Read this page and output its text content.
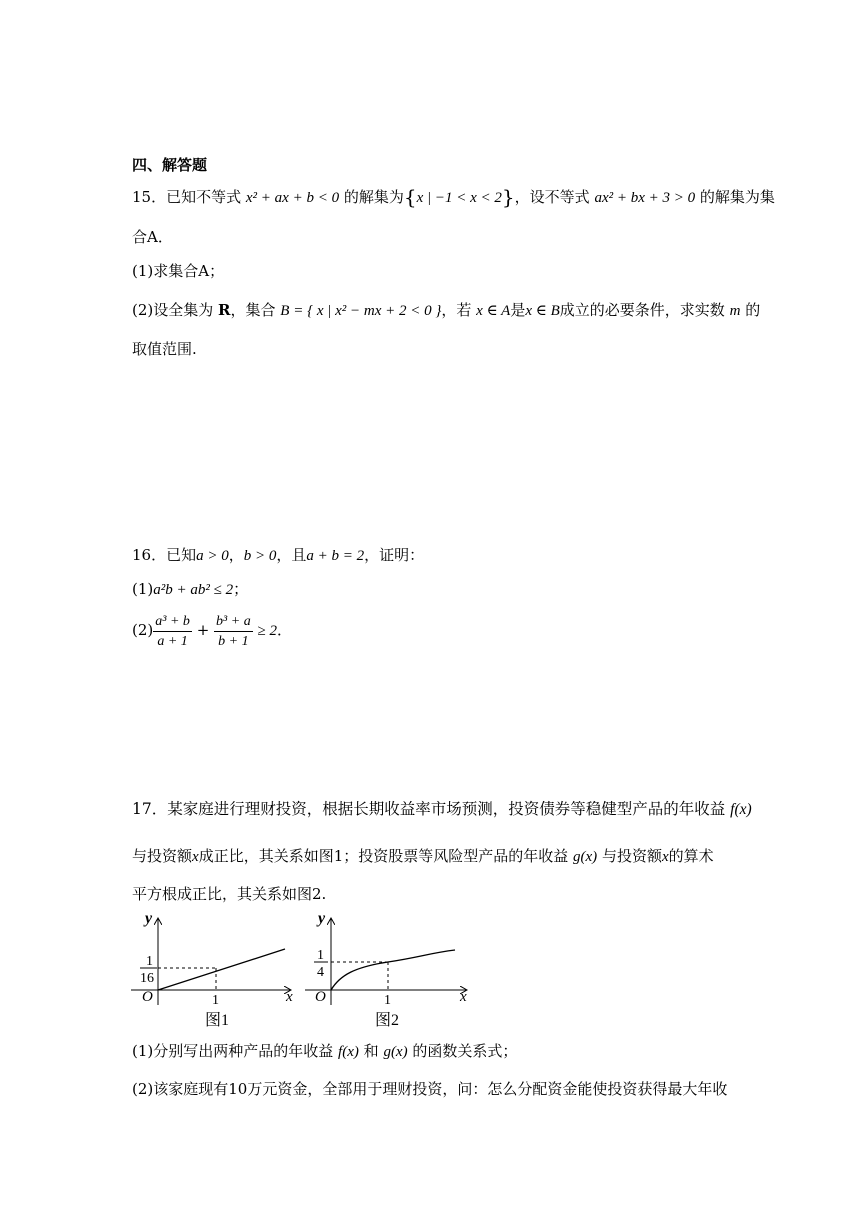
四、解答题
15．已知不等式 x² + ax + b < 0 的解集为{x | −1 < x < 2}，设不等式 ax² + bx + 3 > 0 的解集为集
合A．
(1)求集合A；
(2)设全集为 R，集合 B = { x | x² − mx + 2 < 0 }，若 x ∈ A是x ∈ B成立的必要条件，求实数 m 的
取值范围.
16．已知a > 0，b > 0，且a + b = 2，证明：
(1)a²b + ab² ≤ 2；
$(2) \frac{\text{a³ + b}}{a + 1} + \frac{\text{b³ + a}}{b + 1} \ge 2$．
17．某家庭进行理财投资，根据长期收益率市场预测，投资债券等稳健型产品的年收益 f(x)
与投资额x成正比，其关系如图1；投资股票等风险型产品的年收益 g(x) 与投资额x的算术
平方根成正比，其关系如图2.
y
x
O
1
16
1
图1
y
x
O
1
4
1
图2
(1)分别写出两种产品的年收益 f(x) 和 g(x) 的函数关系式；
(2)该家庭现有10万元资金，全部用于理财投资，问：怎么分配资金能使投资获得最大年收
